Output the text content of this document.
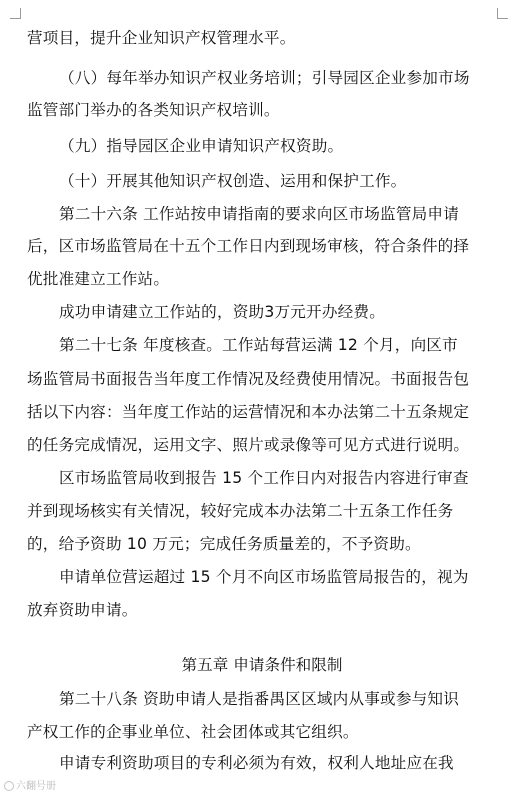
营项目，提升企业知识产权管理水平。
（八）每年举办知识产权业务培训；引导园区企业参加市场
监管部门举办的各类知识产权培训。
（九）指导园区企业申请知识产权资助。
（十）开展其他知识产权创造、运用和保护工作。
第二十六条 工作站按申请指南的要求向区市场监管局申请
后，区市场监管局在十五个工作日内到现场审核，符合条件的择
优批准建立工作站。
成功申请建立工作站的，资助3万元开办经费。
第二十七条 年度核查。工作站每营运满 12 个月，向区市
场监管局书面报告当年度工作情况及经费使用情况。书面报告包
括以下内容：当年度工作站的运营情况和本办法第二十五条规定
的任务完成情况，运用文字、照片或录像等可见方式进行说明。
区市场监管局收到报告 15 个工作日内对报告内容进行审查
并到现场核实有关情况，较好完成本办法第二十五条工作任务
的，给予资助 10 万元；完成任务质量差的，不予资助。
申请单位营运超过 15 个月不向区市场监管局报告的，视为
放弃资助申请。
第五章 申请条件和限制
第二十八条 资助申请人是指番禺区区域内从事或参与知识
产权工作的企事业单位、社会团体或其它组织。
申请专利资助项目的专利必须为有效，权利人地址应在我
六翻号册
